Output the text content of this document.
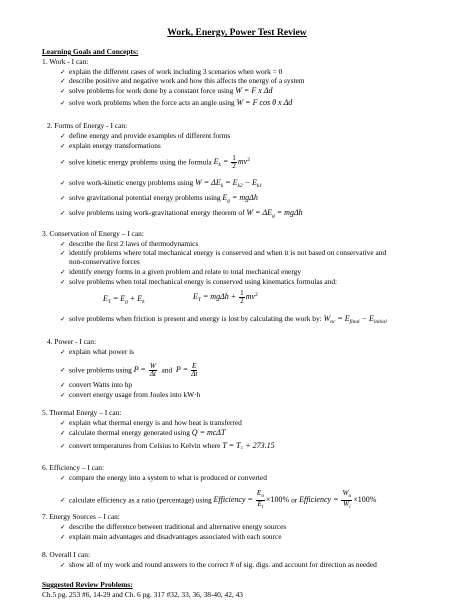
Work, Energy, Power Test Review
Learning Goals and Concepts:
1. Work - I can:
✓ explain the different cases of work including 3 scenarios when work = 0
✓ describe positive and negative work and how this affects the energy of a system
✓ solve problems for work done by a constant force using W = F x Δd
✓ solve work problems when the force acts an angle using W = F cos θ x Δd
2. Forms of Energy - I can:
✓ define energy and provide examples of different forms
✓ explain energy transformations
✓ solve kinetic energy problems using the formula $E_k = \frac{1}{2} mv^2$
✓ solve work-kinetic energy problems using $W = \Delta E_k = E_{k2} - E_{k1}$
✓ solve gravitational potential energy problems using $E_g = mg\Delta h$
✓ solve problems using work-gravitational energy theorem of $W = \Delta E_g = mg\Delta h$
3. Conservation of Energy – I can:
✓ describe the first 2 laws of thermodynamics
✓ identify problems where total mechanical energy is conserved and when it is not based on conservative and
non-conservative forces
✓ identify energy forms in a given problem and relate to total mechanical energy
✓ solve problems when total mechanical energy is conserved using kinematics formulas and:
$E_T = E_g + E_k$
$E_T = mg\Delta h + \frac{1}{2} mv^2$
✓ solve problems when friction is present and energy is lost by calculating the work by: $W_{nc} = E_{final} - E_{initial}$
4. Power - I can:
✓ explain what power is
✓ solve problems using $P = \frac{W}{\Delta t}$ and $P = \frac{E}{\Delta t}$
✓ convert Watts into hp
✓ convert energy usage from Joules into kW·h
5. Thermal Energy – I can:
✓ explain what thermal energy is and how heat is transferred
✓ calculate thermal energy generated using Q = mcΔT
✓ convert temperatures from Celsius to Kelvin where T = T꜀ + 273.15
6. Efficiency – I can:
✓ compare the energy into a system to what is produced or converted
✓ calculate efficiency as a ratio (percentage) using Efficiency = $\frac{E_o}{E_i} \times 100\%$ or Efficiency = $\frac{W_o}{W_i} \times 100\%$
7. Energy Sources – I can:
✓ describe the difference between traditional and alternative energy sources
✓ explain main advantages and disadvantages associated with each source
8. Overall I can:
✓ show all of my work and round answers to the correct # of sig. digs. and account for direction as needed
Suggested Review Problems:
Ch.5 pg. 253 #6, 14-29 and Ch. 6 pg. 317 #32, 33, 36, 38-40, 42, 43
